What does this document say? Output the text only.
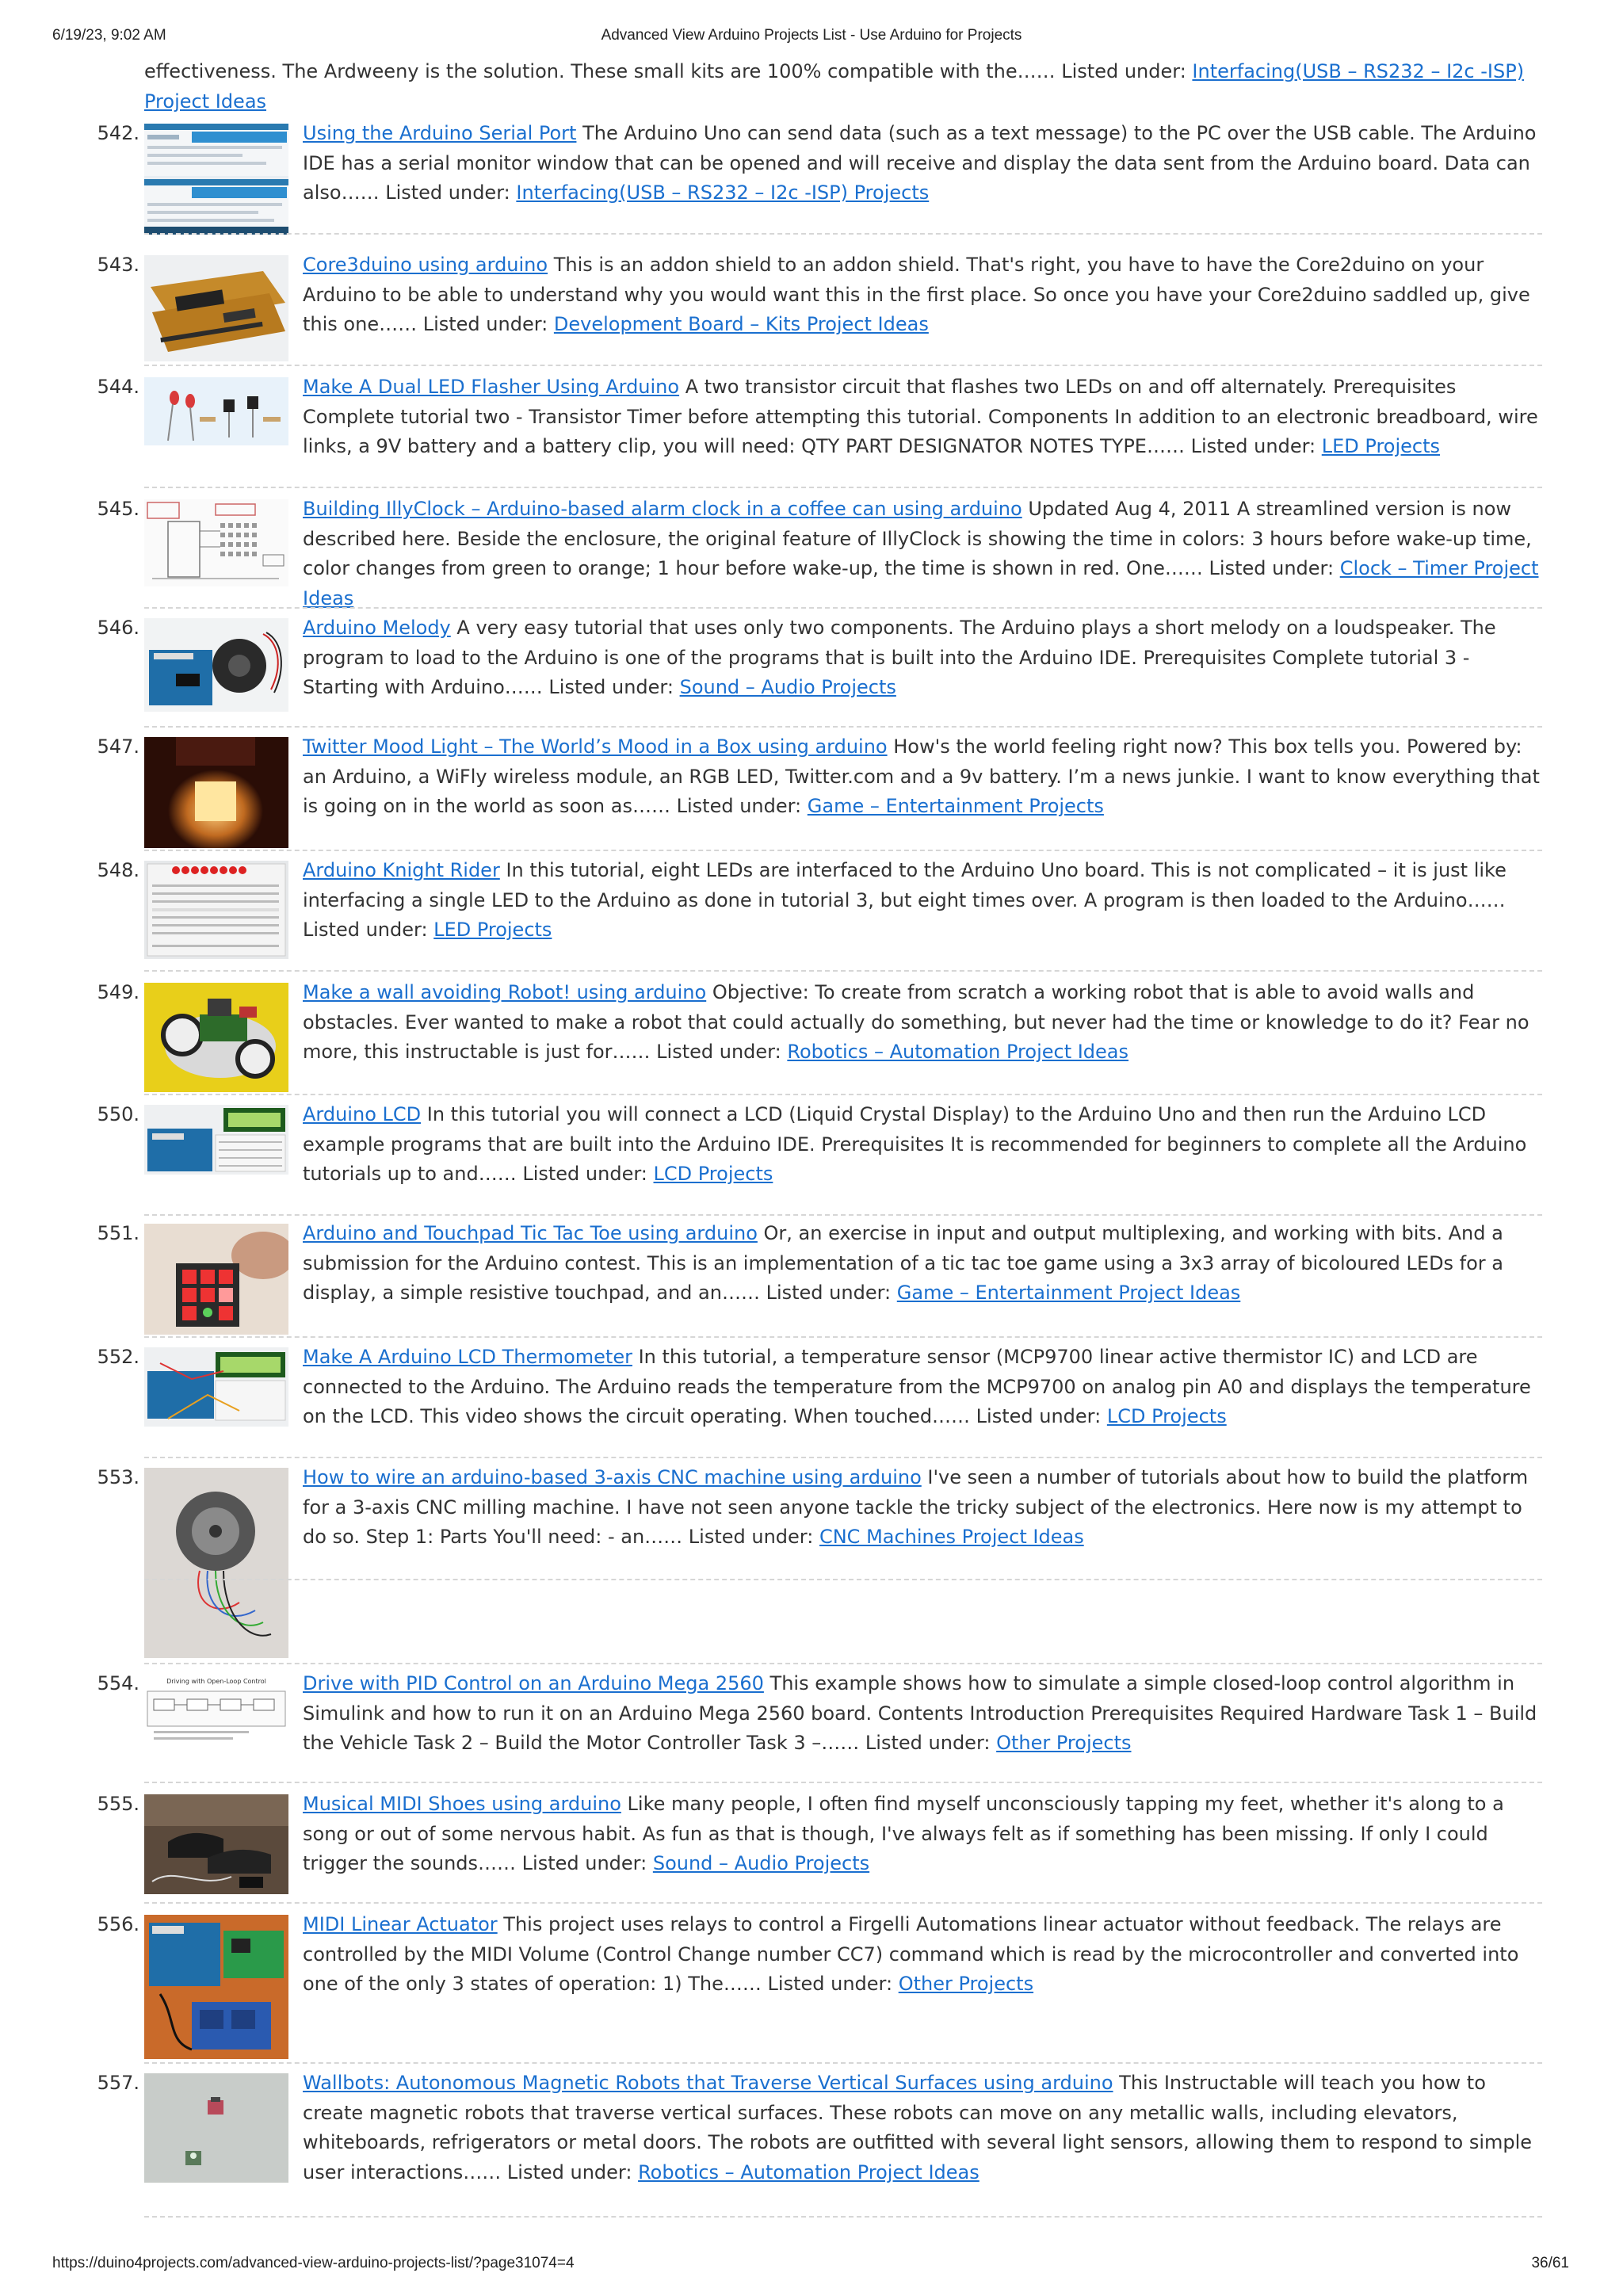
6/19/23, 9:02 AM	Advanced View Arduino Projects List - Use Arduino for Projects

effectiveness. The Ardweeny is the solution. These small kits are 100% compatible with the…… Listed under: Interfacing(USB – RS232 – I2c -ISP) Project Ideas

542.	Using the Arduino Serial Port The Arduino Uno can send data (such as a text message) to the PC over the USB cable. The Arduino IDE has a serial monitor window that can be opened and will receive and display the data sent from the Arduino board. Data can also…… Listed under: Interfacing(USB – RS232 – I2c -ISP) Projects

543.	Core3duino using arduino This is an addon shield to an addon shield. That's right, you have to have the Core2duino on your Arduino to be able to understand why you would want this in the first place. So once you have your Core2duino saddled up, give this one…… Listed under: Development Board – Kits Project Ideas

544.	Make A Dual LED Flasher Using Arduino A two transistor circuit that flashes two LEDs on and off alternately. Prerequisites Complete tutorial two - Transistor Timer before attempting this tutorial. Components In addition to an electronic breadboard, wire links, a 9V battery and a battery clip, you will need: QTY PART DESIGNATOR NOTES TYPE…… Listed under: LED Projects

545.	Building IllyClock – Arduino-based alarm clock in a coffee can using arduino Updated Aug 4, 2011 A streamlined version is now described here. Beside the enclosure, the original feature of IllyClock is showing the time in colors: 3 hours before wake-up time, color changes from green to orange; 1 hour before wake-up, the time is shown in red. One…… Listed under: Clock – Timer Project Ideas

546.	Arduino Melody A very easy tutorial that uses only two components. The Arduino plays a short melody on a loudspeaker. The program to load to the Arduino is one of the programs that is built into the Arduino IDE. Prerequisites Complete tutorial 3 - Starting with Arduino…… Listed under: Sound – Audio Projects

547.	Twitter Mood Light – The World’s Mood in a Box using arduino How's the world feeling right now? This box tells you. Powered by: an Arduino, a WiFly wireless module, an RGB LED, Twitter.com and a 9v battery. I’m a news junkie. I want to know everything that is going on in the world as soon as…… Listed under: Game – Entertainment Projects

548.	Arduino Knight Rider In this tutorial, eight LEDs are interfaced to the Arduino Uno board. This is not complicated – it is just like interfacing a single LED to the Arduino as done in tutorial 3, but eight times over. A program is then loaded to the Arduino…… Listed under: LED Projects

549.	Make a wall avoiding Robot! using arduino Objective: To create from scratch a working robot that is able to avoid walls and obstacles. Ever wanted to make a robot that could actually do something, but never had the time or knowledge to do it? Fear no more, this instructable is just for…… Listed under: Robotics – Automation Project Ideas

550.	Arduino LCD In this tutorial you will connect a LCD (Liquid Crystal Display) to the Arduino Uno and then run the Arduino LCD example programs that are built into the Arduino IDE. Prerequisites It is recommended for beginners to complete all the Arduino tutorials up to and…… Listed under: LCD Projects

551.	Arduino and Touchpad Tic Tac Toe using arduino Or, an exercise in input and output multiplexing, and working with bits. And a submission for the Arduino contest. This is an implementation of a tic tac toe game using a 3x3 array of bicoloured LEDs for a display, a simple resistive touchpad, and an…… Listed under: Game – Entertainment Project Ideas

552.	Make A Arduino LCD Thermometer In this tutorial, a temperature sensor (MCP9700 linear active thermistor IC) and LCD are connected to the Arduino. The Arduino reads the temperature from the MCP9700 on analog pin A0 and displays the temperature on the LCD. This video shows the circuit operating. When touched…… Listed under: LCD Projects

553.	How to wire an arduino-based 3-axis CNC machine using arduino I've seen a number of tutorials about how to build the platform for a 3-axis CNC milling machine. I have not seen anyone tackle the tricky subject of the electronics. Here now is my attempt to do so. Step 1: Parts You'll need: - an…… Listed under: CNC Machines Project Ideas

554.	Driving with Open-Loop Control Drive with PID Control on an Arduino Mega 2560 This example shows how to simulate a simple closed-loop control algorithm in Simulink and how to run it on an Arduino Mega 2560 board. Contents Introduction Prerequisites Required Hardware Task 1 – Build the Vehicle Task 2 – Build the Motor Controller Task 3 –…… Listed under: Other Projects

555.	Musical MIDI Shoes using arduino Like many people, I often find myself unconsciously tapping my feet, whether it's along to a song or out of some nervous habit. As fun as that is though, I've always felt as if something has been missing. If only I could trigger the sounds…… Listed under: Sound – Audio Projects

556.	MIDI Linear Actuator This project uses relays to control a Firgelli Automations linear actuator without feedback. The relays are controlled by the MIDI Volume (Control Change number CC7) command which is read by the microcontroller and converted into one of the only 3 states of operation: 1) The…… Listed under: Other Projects

557.	Wallbots: Autonomous Magnetic Robots that Traverse Vertical Surfaces using arduino This Instructable will teach you how to create magnetic robots that traverse vertical surfaces. These robots can move on any metallic walls, including elevators, whiteboards, refrigerators or metal doors. The robots are outfitted with several light sensors, allowing them to respond to simple user interactions…… Listed under: Robotics – Automation Project Ideas

https://duino4projects.com/advanced-view-arduino-projects-list/?page31074=4	36/61
